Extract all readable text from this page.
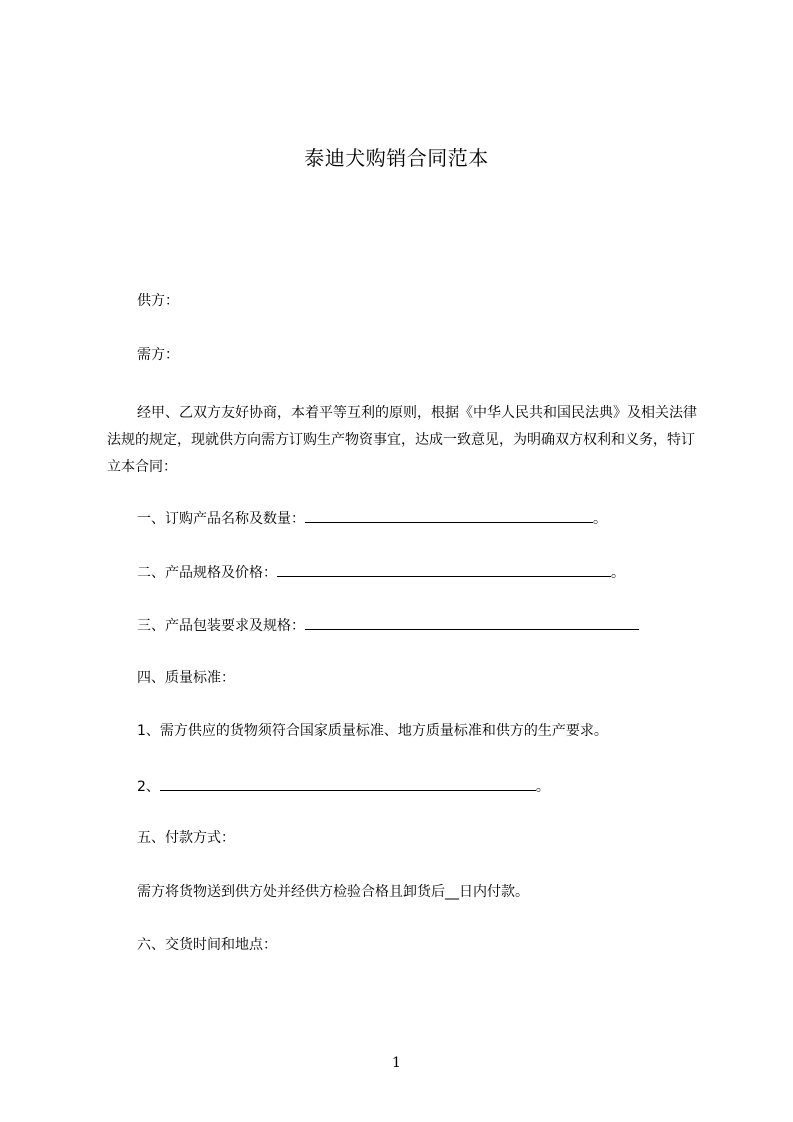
泰迪犬购销合同范本
供方：
需方：
经甲、乙双方友好协商，本着平等互利的原则，根据《中华人民共和国民法典》及相关法律法规的规定，现就供方向需方订购生产物资事宜，达成一致意见，为明确双方权利和义务，特订立本合同：
一、订购产品名称及数量：	。
二、产品规格及价格：	。
三、产品包装要求及规格：
四、质量标准：
1、需方供应的货物须符合国家质量标准、地方质量标准和供方的生产要求。
2、	。
五、付款方式：
需方将货物送到供方处并经供方检验合格且卸货后__日内付款。
六、交货时间和地点：
1
